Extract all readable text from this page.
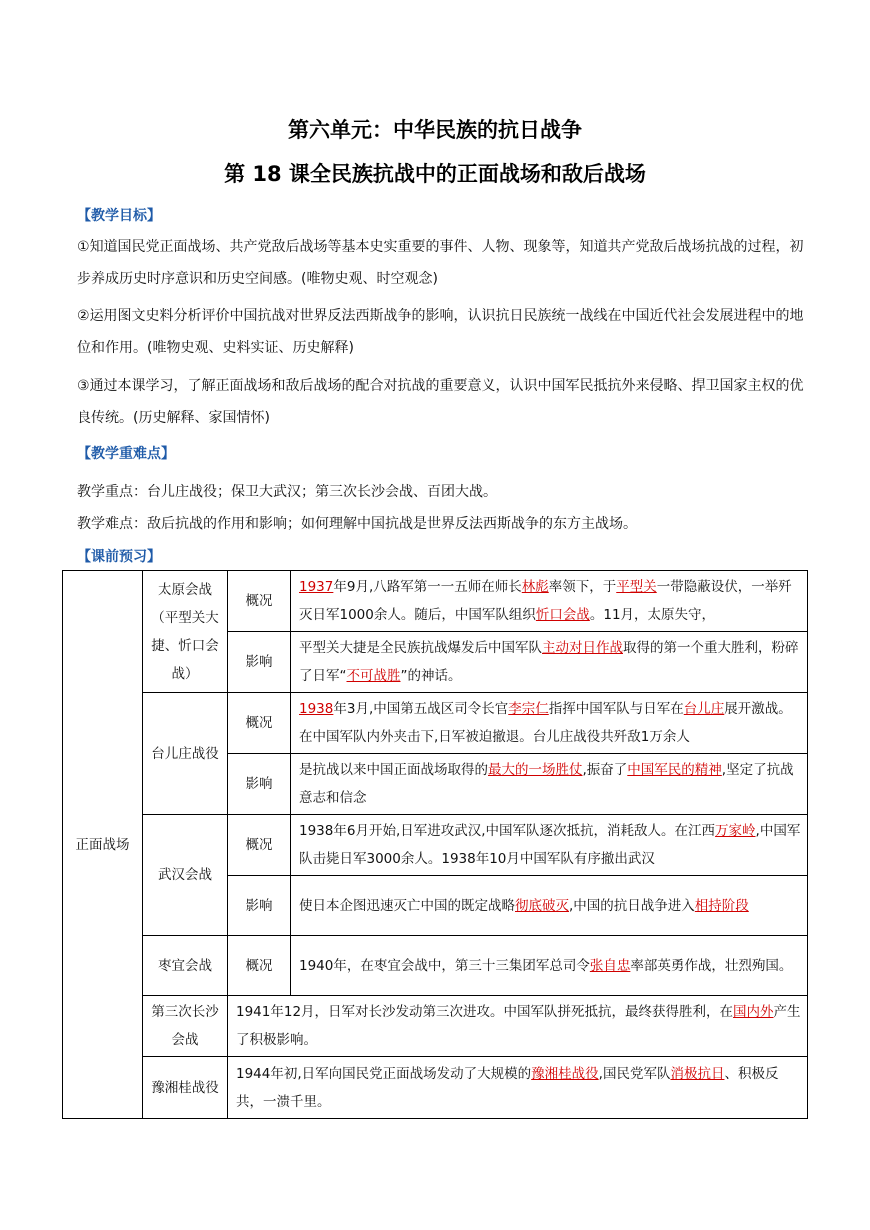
第六单元：中华民族的抗日战争
第 18 课全民族抗战中的正面战场和敌后战场
【教学目标】
①知道国民党正面战场、共产党敌后战场等基本史实重要的事件、人物、现象等，知道共产党敌后战场抗战的过程，初步养成历史时序意识和历史空间感。(唯物史观、时空观念)
②运用图文史料分析评价中国抗战对世界反法西斯战争的影响，认识抗日民族统一战线在中国近代社会发展进程中的地位和作用。(唯物史观、史料实证、历史解释)
③通过本课学习，了解正面战场和敌后战场的配合对抗战的重要意义，认识中国军民抵抗外来侵略、捍卫国家主权的优良传统。(历史解释、家国情怀)
【教学重难点】
教学重点：台儿庄战役；保卫大武汉；第三次长沙会战、百团大战。
教学难点：敌后抗战的作用和影响；如何理解中国抗战是世界反法西斯战争的东方主战场。
【课前预习】
正面战场	太原会战（平型关大捷、忻口会战）	概况	1937年9月,八路军第一一五师在师长林彪率领下，于平型关一带隐蔽设伏，一举歼灭日军1000余人。随后，中国军队组织忻口会战。11月，太原失守，
		影响	平型关大捷是全民族抗战爆发后中国军队主动对日作战取得的第一个重大胜利，粉碎了日军“不可战胜”的神话。
	台儿庄战役	概况	1938年3月,中国第五战区司令长官李宗仁指挥中国军队与日军在台儿庄展开激战。在中国军队内外夹击下,日军被迫撤退。台儿庄战役共歼敌1万余人
		影响	是抗战以来中国正面战场取得的最大的一场胜仗,振奋了中国军民的精神,坚定了抗战意志和信念
	武汉会战	概况	1938年6月开始,日军进攻武汉,中国军队逐次抵抗，消耗敌人。在江西万家岭,中国军队击毙日军3000余人。1938年10月中国军队有序撤出武汉
		影响	使日本企图迅速灭亡中国的既定战略彻底破灭,中国的抗日战争进入相持阶段
	枣宜会战	概况	1940年，在枣宜会战中，第三十三集团军总司令张自忠率部英勇作战，壮烈殉国。
	第三次长沙会战	1941年12月，日军对长沙发动第三次进攻。中国军队拼死抵抗，最终获得胜利，在国内外产生了积极影响。	
	豫湘桂战役	1944年初,日军向国民党正面战场发动了大规模的豫湘桂战役,国民党军队消极抗日、积极反共，一溃千里。	
